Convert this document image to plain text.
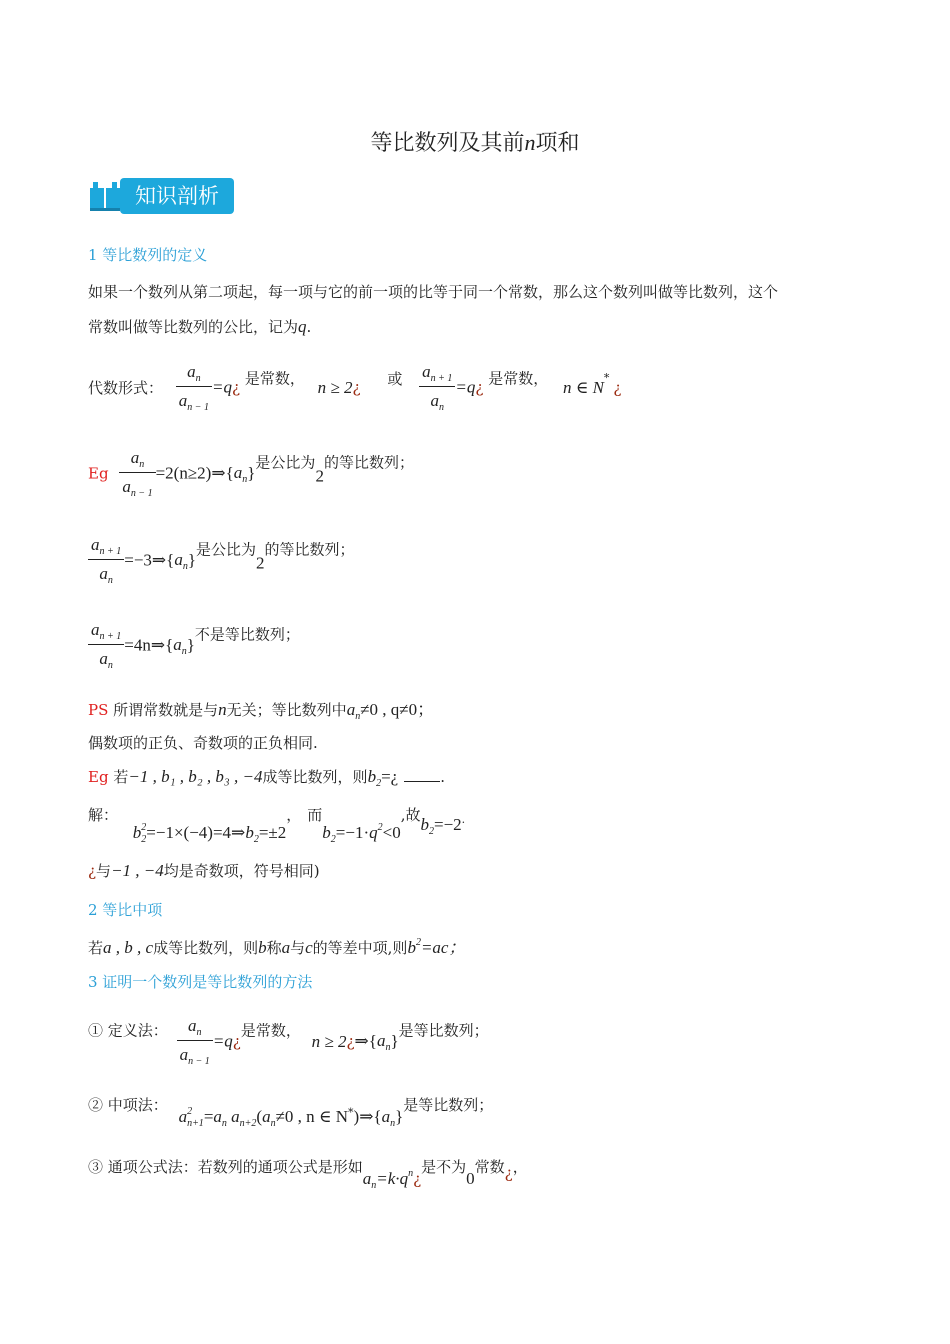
等比数列及其前n项和
知识剖析
1 等比数列的定义
如果一个数列从第二项起，每一项与它的前一项的比等于同一个常数，那么这个数列叫做等比数列，这个
常数叫做等比数列的公比，记为q.
代数形式： $\frac{a_n}{a_{n - 1}}$ =q¿ 是常数， n ≥ 2¿ 或 $\frac{a_{n + 1}}{a_n}$ =q¿ 是常数， n ∈ N*¿
Eg $\frac{a_n}{a_{n - 1}}$ $=2(n\ge 2)\Rightarrow\{a_n\}$是公比为2的等比数列；
$\frac{a_{n + 1}}{a_n}$ $=-3\Rightarrow\{a_n\}$是公比为2的等比数列；
$\frac{a_{n + 1}}{a_n}$ $=4n\Rightarrow\{a_n\}$不是等比数列；
PS 所谓常数就是与n无关；等比数列中$a_n\ne 0$ , q≠0；
偶数项的正负、奇数项的正负相同.
Eg 若−1 , b₁ , b₂ , b₃ , −4成等比数列，则$b_2=¿$	.
解： b $_{2 2}=-1\times(-4)=4\Rightarrow b_2=\pm 2$， 而$b_2=-1\cdot q^2<0$,故$b_2=-2^\cdot$
¿与−1 , −4均是奇数项，符号相同)
2 等比中项
若a , b , c成等比数列，则b称a与c的等差中项,则$b^2=ac$；
3 证明一个数列是等比数列的方法
① 定义法： $\frac{a_n}{a_{n - 1}}$ =q¿是常数， $n \ge 2¿\Rightarrow\{a_n\}$是等比数列；
② 中项法： a $_{2 n+1}=a_n$ $a_{n+2}(a_n\ne 0$ , n ∈ $N^*)\Rightarrow\{a_n\}$是等比数列；
③ 通项公式法：若数列的通项公式是形如$a_n=k\cdot q^n¿$是不为0常数¿，
